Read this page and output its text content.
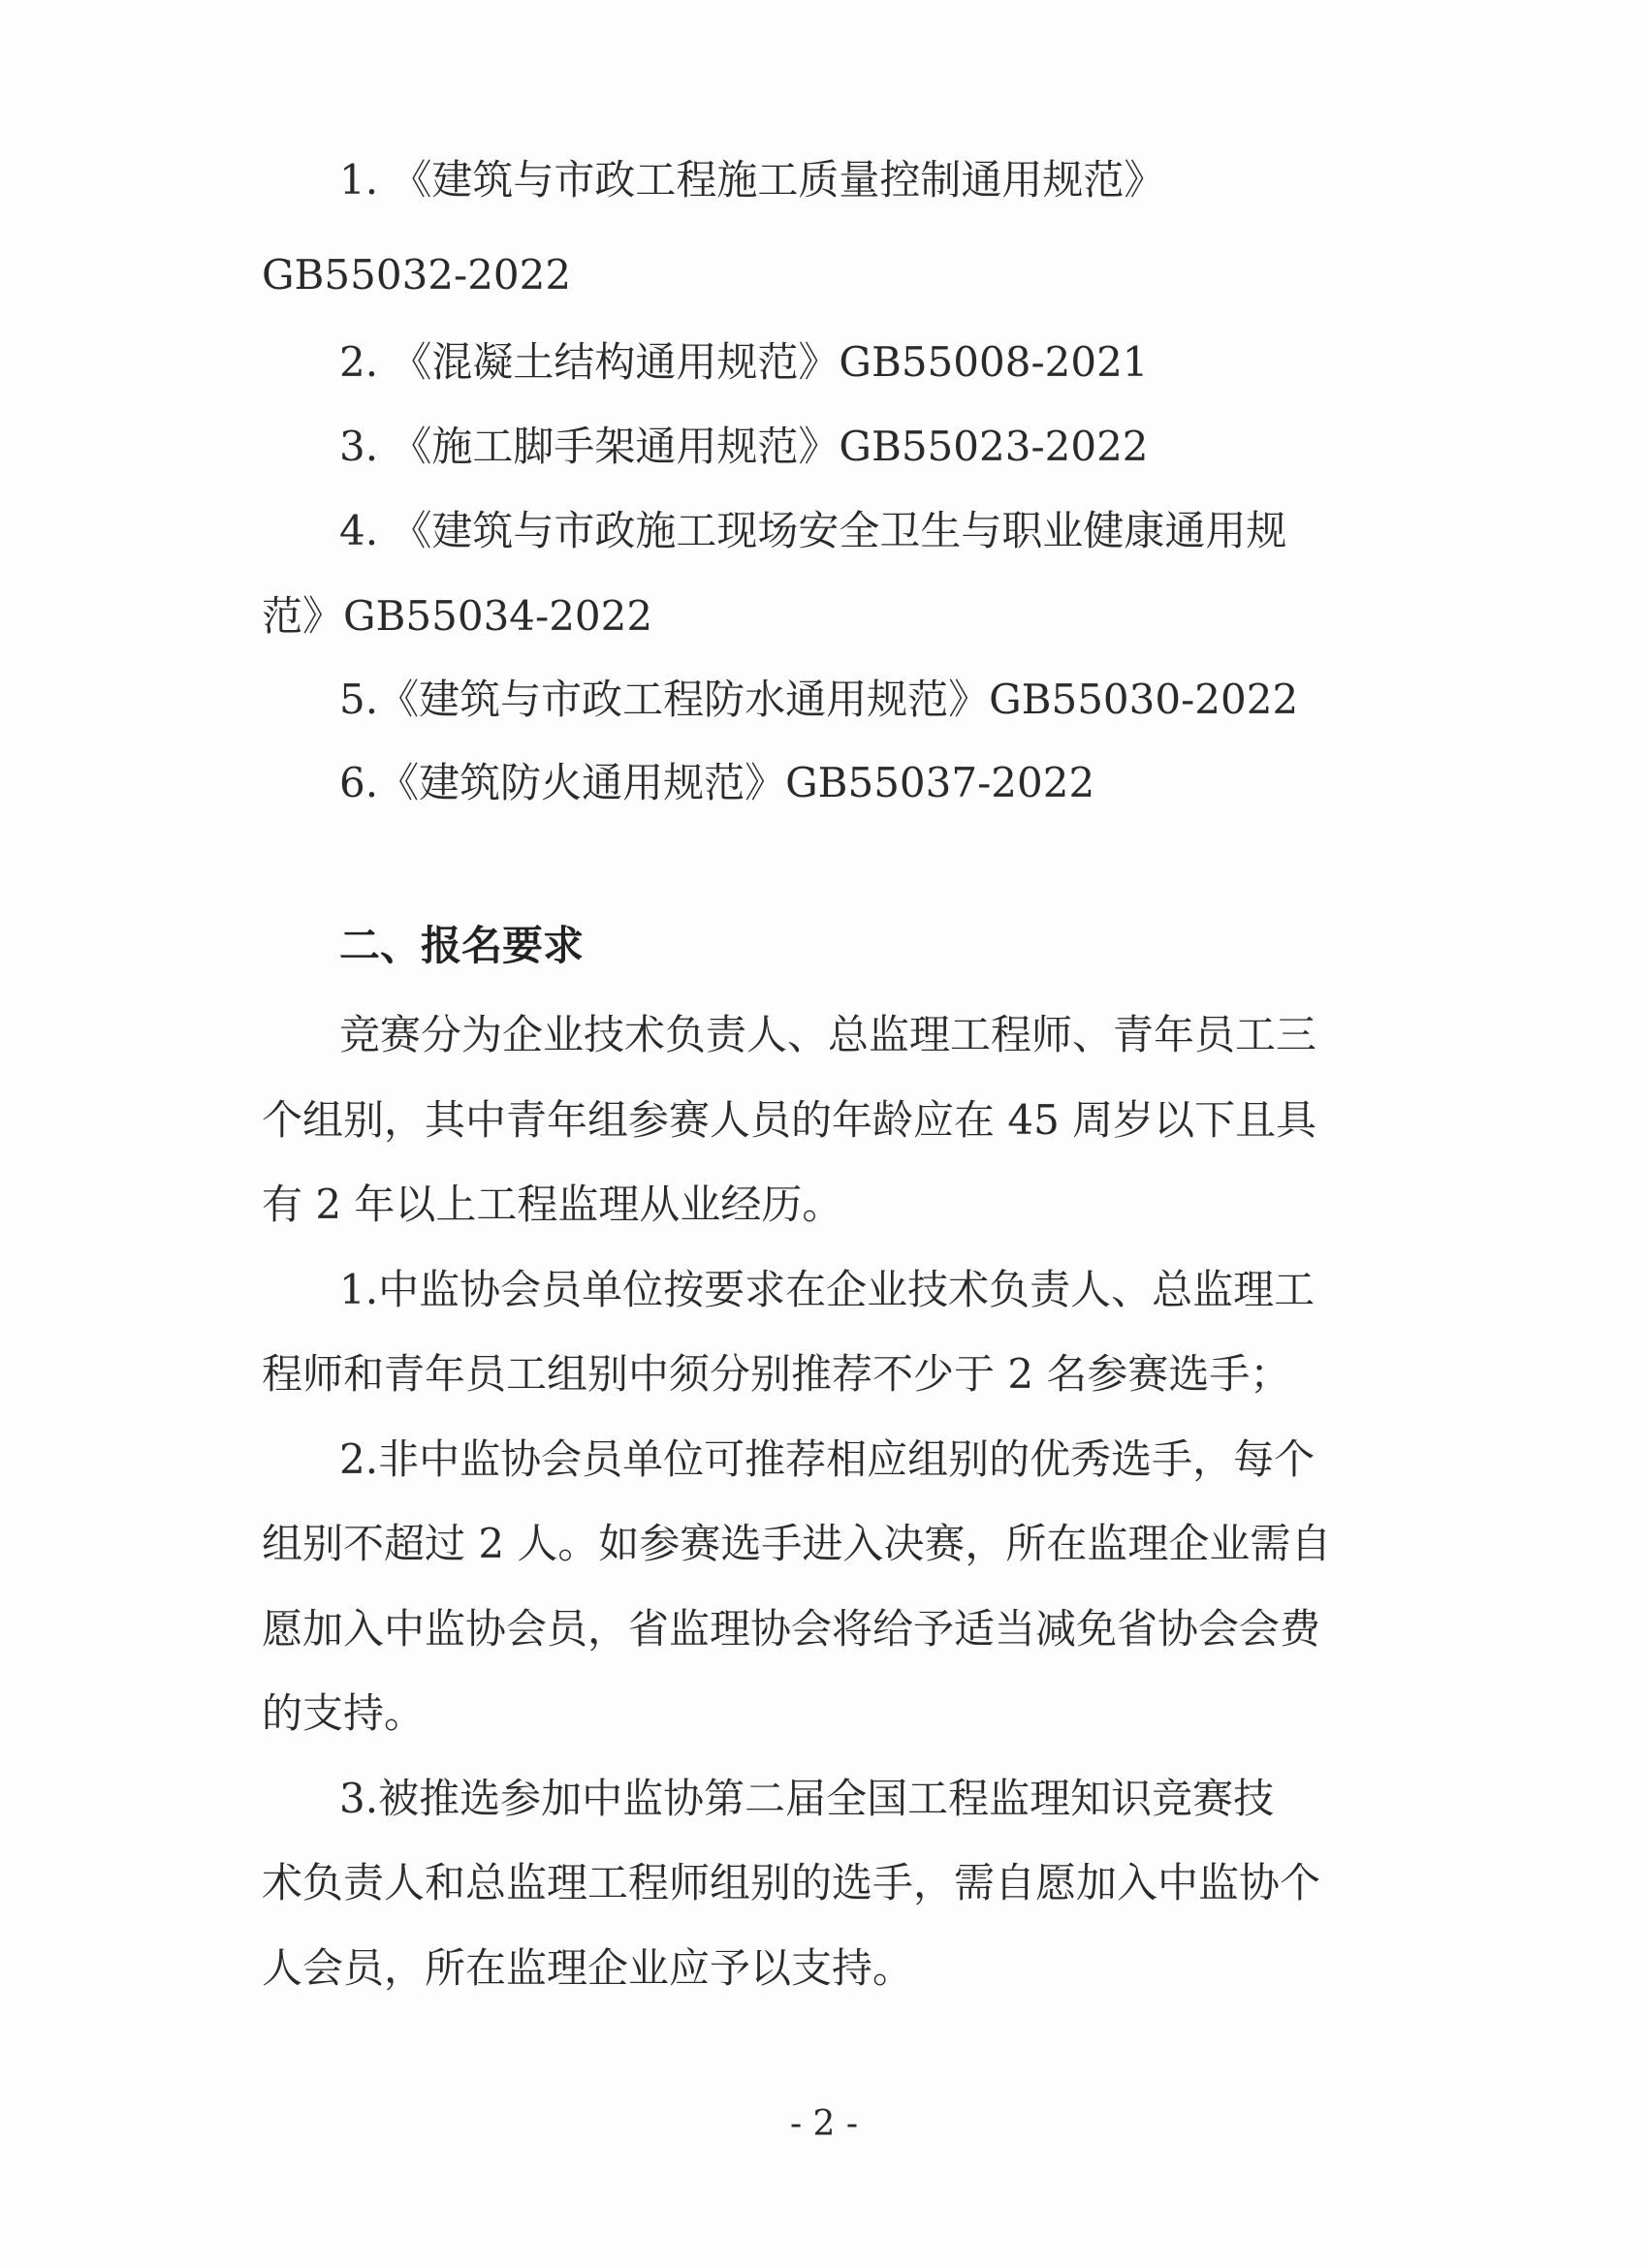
1. 《建筑与市政工程施工质量控制通用规范》
GB55032-2022
2. 《混凝土结构通用规范》GB55008-2021
3. 《施工脚手架通用规范》GB55023-2022
4. 《建筑与市政施工现场安全卫生与职业健康通用规
范》GB55034-2022
5.《建筑与市政工程防水通用规范》GB55030-2022
6.《建筑防火通用规范》GB55037-2022
二、报名要求
竞赛分为企业技术负责人、总监理工程师、青年员工三
个组别，其中青年组参赛人员的年龄应在 45 周岁以下且具
有 2 年以上工程监理从业经历。
1.中监协会员单位按要求在企业技术负责人、总监理工
程师和青年员工组别中须分别推荐不少于 2 名参赛选手；
2.非中监协会员单位可推荐相应组别的优秀选手，每个
组别不超过 2 人。如参赛选手进入决赛，所在监理企业需自
愿加入中监协会员，省监理协会将给予适当减免省协会会费
的支持。
3.被推选参加中监协第二届全国工程监理知识竞赛技
术负责人和总监理工程师组别的选手，需自愿加入中监协个
人会员，所在监理企业应予以支持。
- 2 -
